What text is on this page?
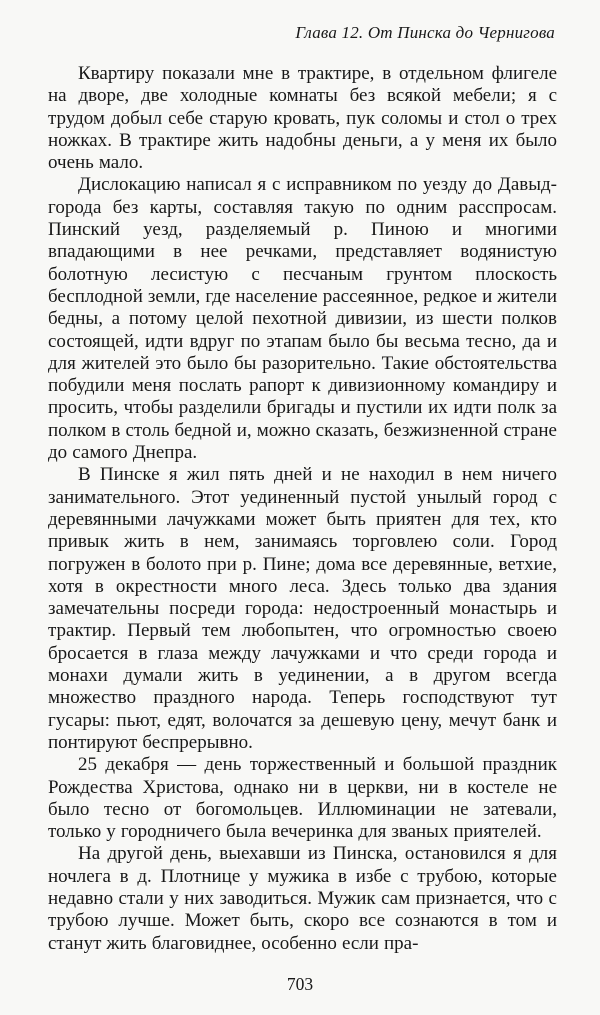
Глава 12. От Пинска до Чернигова

Квартиру показали мне в трактире, в отдельном флигеле на дворе, две холодные комнаты без всякой мебели; я с трудом добыл себе старую кровать, пук соломы и стол о трех ножках. В трактире жить надобны деньги, а у меня их было очень мало.

Дислокацию написал я с исправником по уезду до Давыд-города без карты, составляя такую по одним расспросам. Пинский уезд, разделяемый р. Пиною и многими впадающими в нее речками, представляет водянистую болотную лесистую с песчаным грунтом плоскость бесплодной земли, где население рассеянное, редкое и жители бедны, а потому целой пехотной дивизии, из шести полков состоящей, идти вдруг по этапам было бы весьма тесно, да и для жителей это было бы разорительно. Такие обстоятельства побудили меня послать рапорт к дивизионному командиру и просить, чтобы разделили бригады и пустили их идти полк за полком в столь бедной и, можно сказать, безжизненной стране до самого Днепра.

В Пинске я жил пять дней и не находил в нем ничего занимательного. Этот уединенный пустой унылый город с деревянными лачужками может быть приятен для тех, кто привык жить в нем, занимаясь торговлею соли. Город погружен в болото при р. Пине; дома все деревянные, ветхие, хотя в окрестности много леса. Здесь только два здания замечательны посреди города: недостроенный монастырь и трактир. Первый тем любопытен, что огромностью своею бросается в глаза между лачужками и что среди города и монахи думали жить в уединении, а в другом всегда множество праздного народа. Теперь господствуют тут гусары: пьют, едят, волочатся за дешевую цену, мечут банк и понтируют беспрерывно.

25 декабря — день торжественный и большой праздник Рождества Христова, однако ни в церкви, ни в костеле не было тесно от богомольцев. Иллюминации не затевали, только у городничего была вечеринка для званых приятелей.

На другой день, выехавши из Пинска, остановился я для ночлега в д. Плотнице у мужика в избе с трубою, которые недавно стали у них заводиться. Мужик сам признается, что с трубою лучше. Может быть, скоро все сознаются в том и станут жить благовиднее, особенно если пра-

703
